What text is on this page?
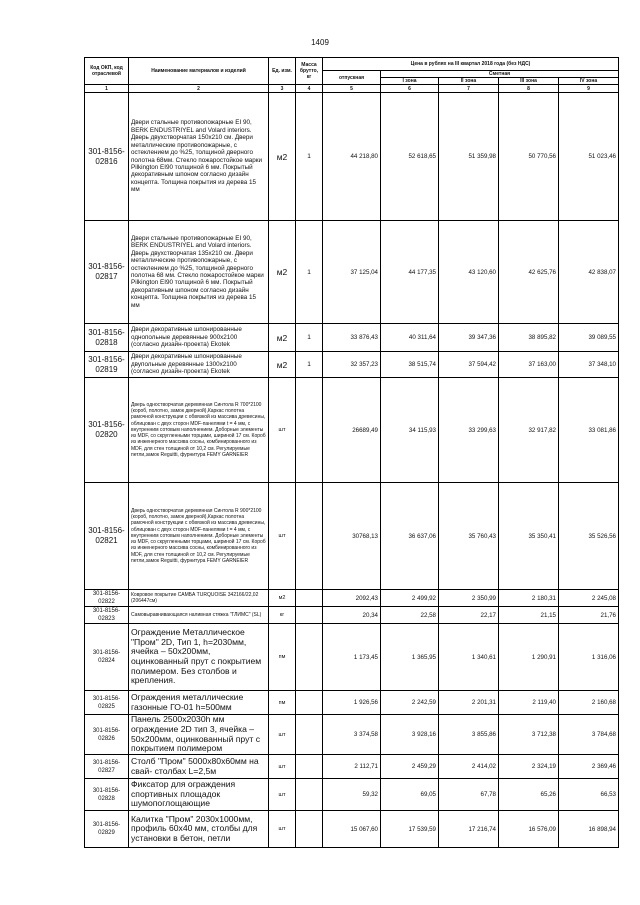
1409
Код ОКП, код отраслевой	Наименование материалов и изделий	Ед. изм.	Масса брутто, кг	Цена в рублях на III квартал 2018 года (без НДС)				
				отпускная	Сметная			
					I зона	II зона	III зона	IV зона
1	2	3	4	5	6	7	8	9
301-8156-02816	Двери стальные противопожарные EI 90, BERK ENDUSTRIYEL and Volard interiors. Дверь двухстворчатая 150х210 см. Двери металлические противопожарные, с остеклением до %25, толщиной дверного полотна 68мм. Стекло пожаростойкое марки Pilkington EI90 толщиной 6 мм. Покрытый декоративным шпоном согласно дизайн концепта. Толщина покрытия из дерева 15 мм	м2	1	44 218,80	52 618,65	51 359,98	50 770,56	51 023,46
301-8156-02817	Двери стальные противопожарные EI 90, BERK ENDUSTRIYEL and Volard interiors. Дверь двухстворчатая 135х210 см. Двери металлические противопожарные, с остеклением до %25, толщиной дверного полотна 68 мм. Стекло пожаростойкое марки Pilkington EI90 толщиной 6 мм. Покрытый декоративным шпоном согласно дизайн концепта. Толщина покрытия из дерева 15 мм	м2	1	37 125,04	44 177,35	43 120,60	42 625,76	42 838,07
301-8156-02818	Двери декоративные шпонированные однопольные деревянные 900х2100 (согласно дизайн-проекта) Ekotek	м2	1	33 876,43	40 311,64	39 347,36	38 895,82	39 089,55
301-8156-02819	Двери декоративные шпонированные двупольные деревянные 1300х2100 (согласно дизайн-проекта) Ekotek	м2	1	32 357,23	38 515,74	37 594,42	37 163,00	37 348,10
301-8156-02820	Дверь одностворчатая деревянная Синтола R 700*2100 (короб, полотно, замок дверной),Каркас полотна рамочной конструкции с обвязкой из массива древесины, облицован с двух сторон MDF-панелями t = 4 мм, с внутренним сотовым наполнением. Доборные элементы из MDF, со скругленными торцами, шириной 17 см. Короб из инженерного массива сосны, комбинированного из MDF, для стен толщиной от 10,2 см. Регулируемые петли,замок Reguitti, фурнитура FEMY GARNEIER	шт		26689,49	34 115,93	33 299,63	32 917,82	33 081,86
301-8156-02821	Дверь одностворчатая деревянная Синтола R 900*2100 (короб, полотно, замок дверной),Каркас полотна рамочной конструкции с обвязкой из массива древесины, облицован с двух сторон MDF-панелями t = 4 мм, с внутренним сотовым наполнением. Доборные элементы из MDF, со скругленными торцами, шириной 17 см. Короб из инженерного массива сосны, комбинированного из MDF, для стен толщиной от 10,2 см. Регулируемые петли,замок Reguitti, фурнитура FEMY GARNEIER	шт		30768,13	36 637,06	35 760,43	35 350,41	35 526,56
301-8156-02822	Ковровое покрытие САМБА TURQUOISE 342166/22,02 (206447см)	м2		2092,43	2 499,92	2 350,99	2 180,31	2 245,08
301-8156-02823	Самовыравнивающаяся наливная стяжка "ГЛИМС" (SL)	кг		20,34	22,58	22,17	21,15	21,76
301-8156-02824	Ограждение Металлическое "Пром" 2D, Тип 1, h=2030мм, ячейка – 50х200мм, оцинкованный прут с покрытием полимером. Без столбов и крепления.	пм		1 173,45	1 365,95	1 340,61	1 290,91	1 316,06
301-8156-02825	Ограждения металлические газонные ГО-01 h=500мм	пм		1 926,56	2 242,59	2 201,31	2 119,40	2 160,68
301-8156-02826	Панель 2500х2030h мм ограждение 2D тип 3, ячейка – 50х200мм, оцинкованный прут с покрытием полимером	шт		3 374,58	3 928,16	3 855,86	3 712,38	3 784,68
301-8156-02827	Столб "Пром" 5000х80х60мм на свай- столбах L=2,5м	шт		2 112,71	2 459,29	2 414,02	2 324,19	2 369,46
301-8156-02828	Фиксатор для ограждения спортивных площадок шумопоглощающие	шт		59,32	69,05	67,78	65,26	66,53
301-8156-02829	Калитка "Пром" 2030х1000мм, профиль 60х40 мм, столбы для установки в бетон, петли	шт		15 067,60	17 539,59	17 216,74	16 576,09	16 898,94
